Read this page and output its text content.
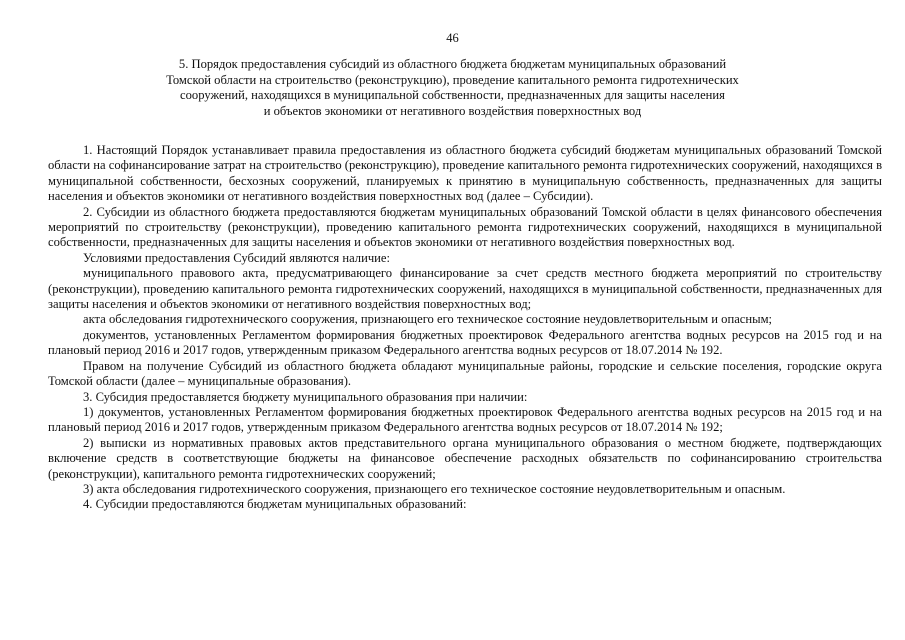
46
5. Порядок предоставления субсидий из областного бюджета бюджетам муниципальных образований
Томской области на строительство (реконструкцию), проведение капитального ремонта гидротехнических
сооружений, находящихся в муниципальной собственности, предназначенных для защиты населения
и объектов экономики от негативного воздействия поверхностных вод

1. Настоящий Порядок устанавливает правила предоставления из областного бюджета субсидий бюджетам муниципальных образований Томской области на софинансирование затрат на строительство (реконструкцию), проведение капитального ремонта гидротехнических сооружений, находящихся в муниципальной собственности, бесхозных сооружений, планируемых к принятию в муниципальную собственность, предназначенных для защиты населения и объектов экономики от негативного воздействия поверхностных вод (далее – Субсидии).

2. Субсидии из областного бюджета предоставляются бюджетам муниципальных образований Томской области в целях финансового обеспечения мероприятий по строительству (реконструкции), проведению капитального ремонта гидротехнических сооружений, находящихся в муниципальной собственности, предназначенных для защиты населения и объектов экономики от негативного воздействия поверхностных вод.

Условиями предоставления Субсидий являются наличие:

муниципального правового акта, предусматривающего финансирование за счет средств местного бюджета мероприятий по строительству (реконструкции), проведению капитального ремонта гидротехнических сооружений, находящихся в муниципальной собственности, предназначенных для защиты населения и объектов экономики от негативного воздействия поверхностных вод;

акта обследования гидротехнического сооружения, признающего его техническое состояние неудовлетворительным и опасным;

документов, установленных Регламентом формирования бюджетных проектировок Федерального агентства водных ресурсов на 2015 год и на плановый период 2016 и 2017 годов, утвержденным приказом Федерального агентства водных ресурсов от 18.07.2014 № 192.

Правом на получение Субсидий из областного бюджета обладают муниципальные районы, городские и сельские поселения, городские округа Томской области (далее – муниципальные образования).

3. Субсидия предоставляется бюджету муниципального образования при наличии:

1) документов, установленных Регламентом формирования бюджетных проектировок Федерального агентства водных ресурсов на 2015 год и на плановый период 2016 и 2017 годов, утвержденным приказом Федерального агентства водных ресурсов от 18.07.2014 № 192;

2) выписки из нормативных правовых актов представительного органа муниципального образования о местном бюджете, подтверждающих включение средств в соответствующие бюджеты на финансовое обеспечение расходных обязательств по софинансированию строительства (реконструкции), капитального ремонта гидротехнических сооружений;

3) акта обследования гидротехнического сооружения, признающего его техническое состояние неудовлетворительным и опасным.

4. Субсидии предоставляются бюджетам муниципальных образований:
